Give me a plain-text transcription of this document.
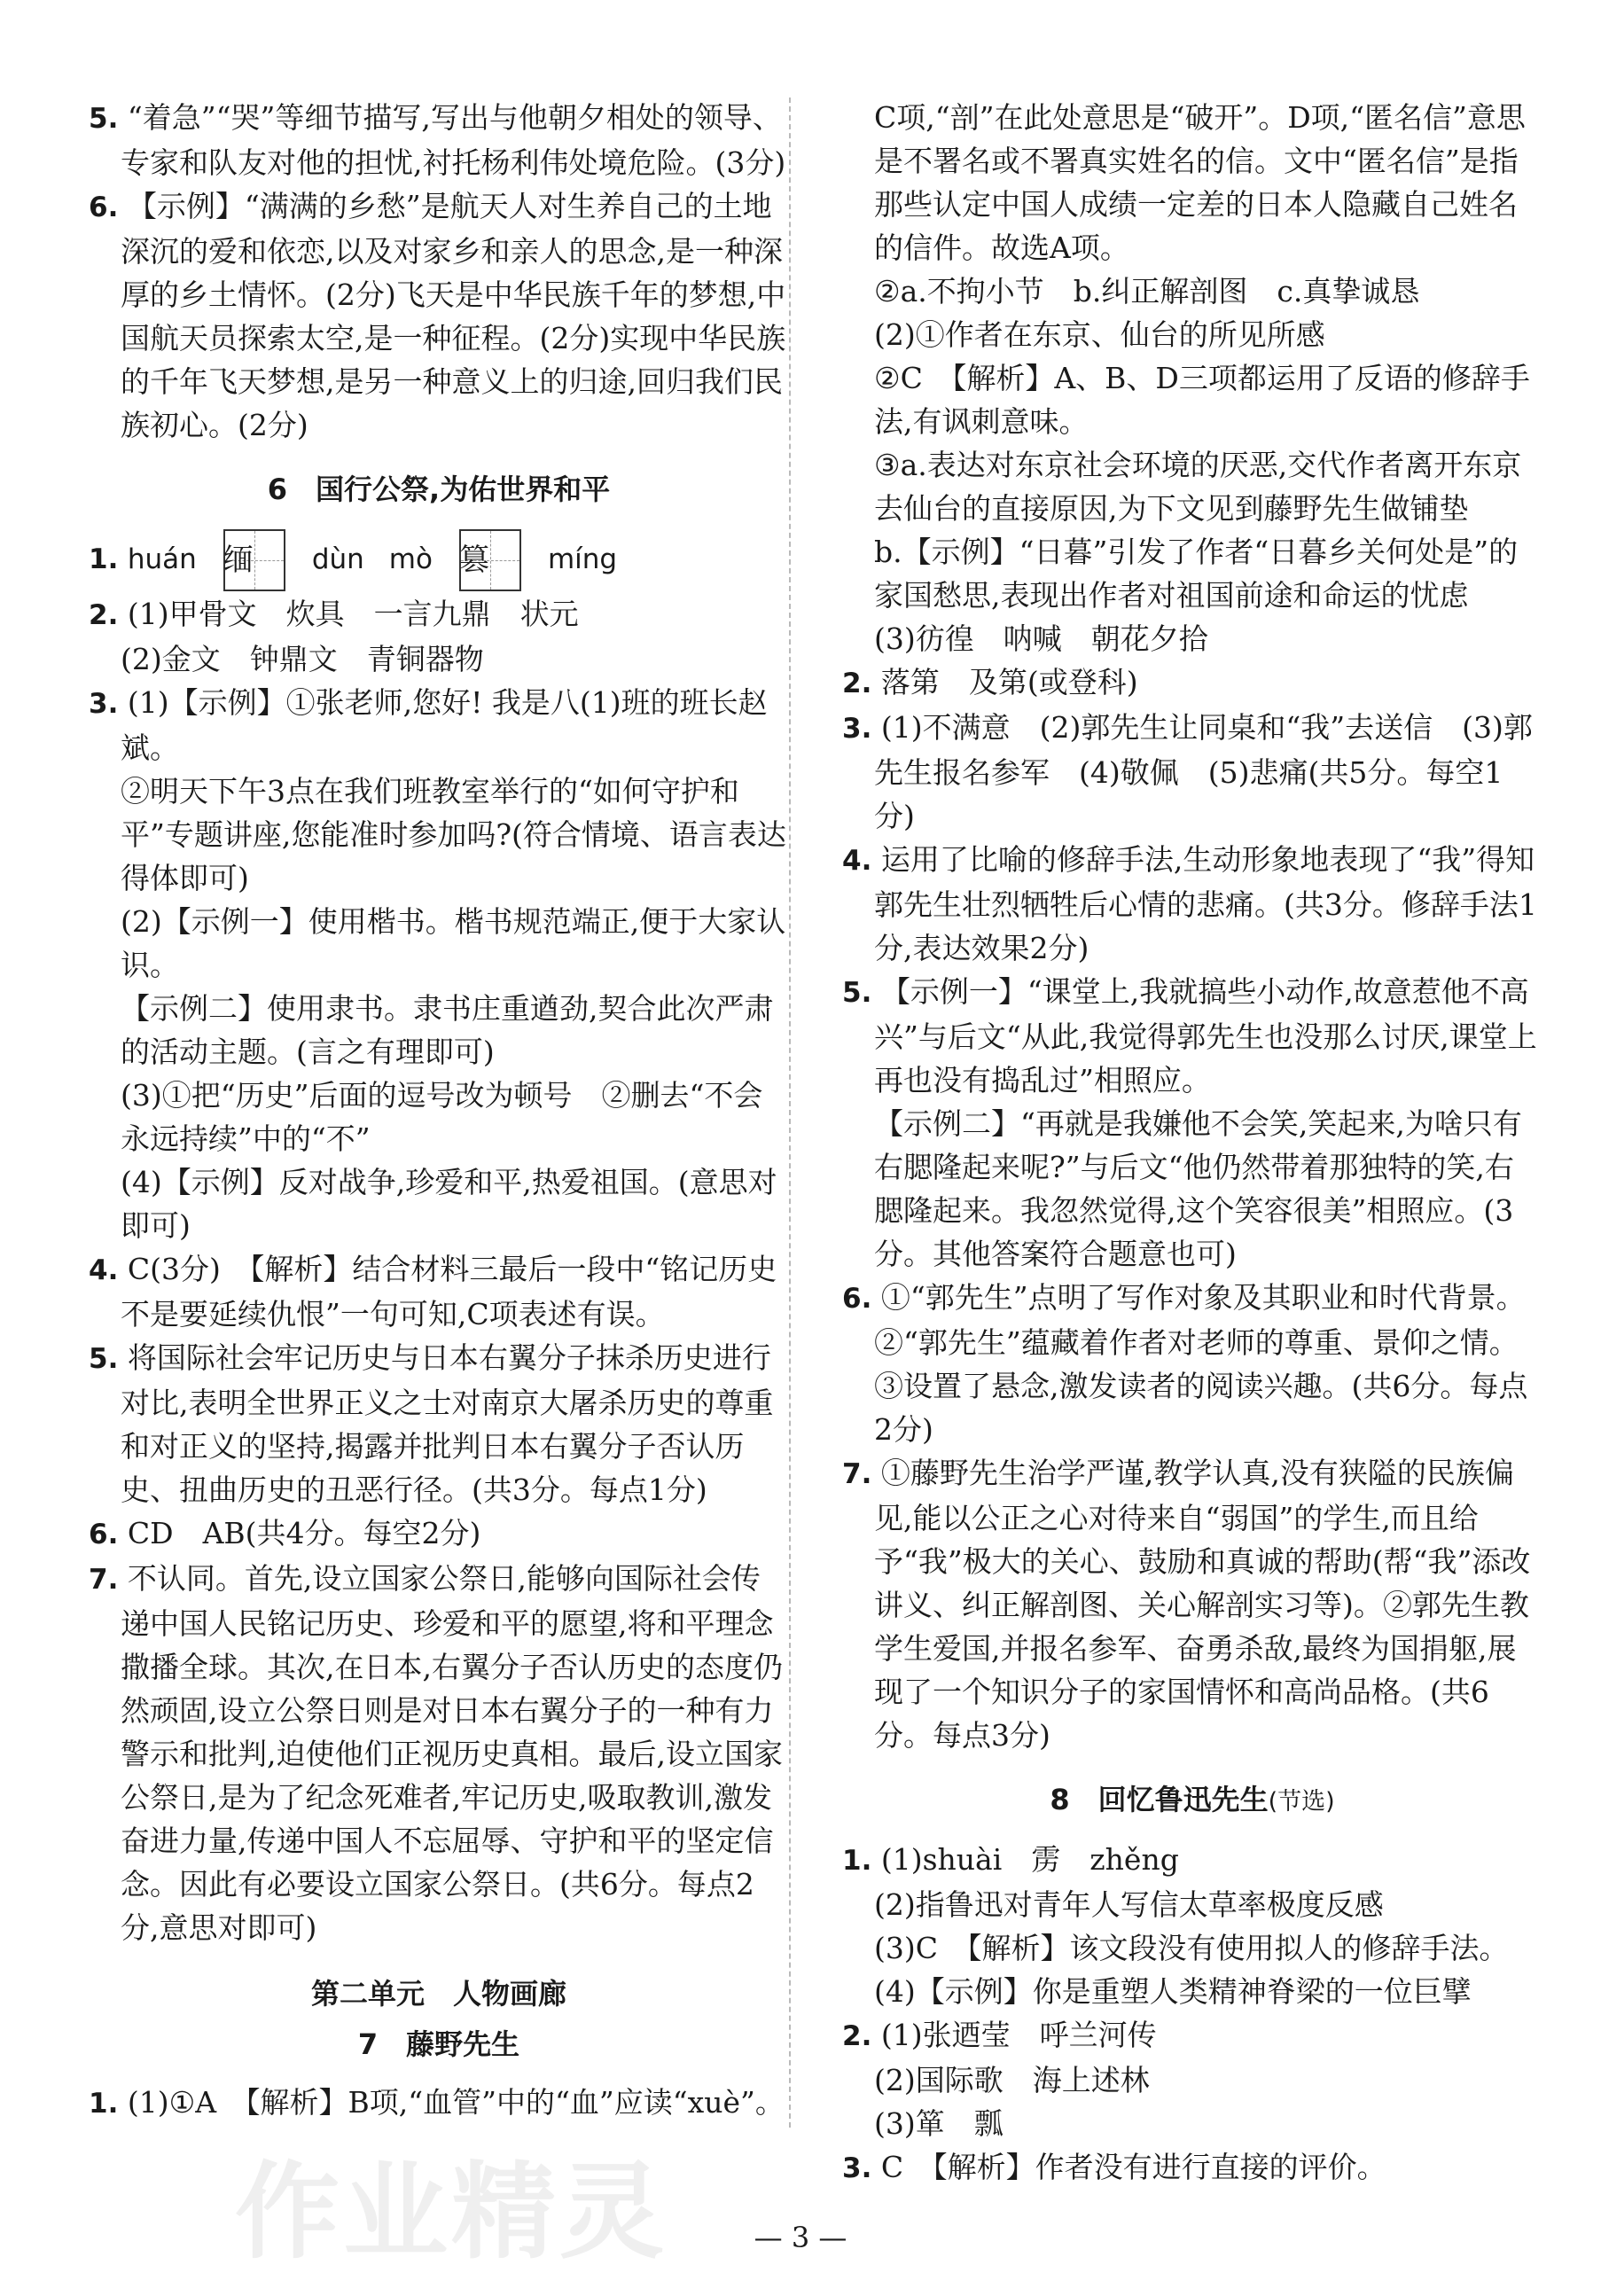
5. “着急”“哭”等细节描写,写出与他朝夕相处的领导、专家和队友对他的担忧,衬托杨利伟处境危险。(3分)
6. 【示例】“满满的乡愁”是航天人对生养自己的土地深沉的爱和依恋,以及对家乡和亲人的思念,是一种深厚的乡土情怀。(2分)飞天是中华民族千年的梦想,中国航天员探索太空,是一种征程。(2分)实现中华民族的千年飞天梦想,是另一种意义上的归途,回归我们民族初心。(2分)
6　国行公祭,为佑世界和平
1. huán 缅 dùn mò 篡 míng
2. (1)甲骨文　炊具　一言九鼎　状元
(2)金文　钟鼎文　青铜器物
3. (1)【示例】①张老师,您好! 我是八(1)班的班长赵斌。
②明天下午3点在我们班教室举行的“如何守护和平”专题讲座,您能准时参加吗?(符合情境、语言表达得体即可)
(2)【示例一】使用楷书。楷书规范端正,便于大家认识。
【示例二】使用隶书。隶书庄重遒劲,契合此次严肃的活动主题。(言之有理即可)
(3)①把“历史”后面的逗号改为顿号　②删去“不会永远持续”中的“不”
(4)【示例】反对战争,珍爱和平,热爱祖国。(意思对即可)
4. C(3分)　【解析】结合材料三最后一段中“铭记历史不是要延续仇恨”一句可知,C项表述有误。
5. 将国际社会牢记历史与日本右翼分子抹杀历史进行对比,表明全世界正义之士对南京大屠杀历史的尊重和对正义的坚持,揭露并批判日本右翼分子否认历史、扭曲历史的丑恶行径。(共3分。每点1分)
6. CD　AB(共4分。每空2分)
7. 不认同。首先,设立国家公祭日,能够向国际社会传递中国人民铭记历史、珍爱和平的愿望,将和平理念撒播全球。其次,在日本,右翼分子否认历史的态度仍然顽固,设立公祭日则是对日本右翼分子的一种有力警示和批判,迫使他们正视历史真相。最后,设立国家公祭日,是为了纪念死难者,牢记历史,吸取教训,激发奋进力量,传递中国人不忘屈辱、守护和平的坚定信念。因此有必要设立国家公祭日。(共6分。每点2分,意思对即可)
第二单元　人物画廊
7　藤野先生
1. (1)①A　【解析】B项,“血管”中的“血”应读“xuè”。
C项,“剖”在此处意思是“破开”。D项,“匿名信”意思是不署名或不署真实姓名的信。文中“匿名信”是指那些认定中国人成绩一定差的日本人隐藏自己姓名的信件。故选A项。
②a.不拘小节　b.纠正解剖图　c.真挚诚恳
(2)①作者在东京、仙台的所见所感
②C　【解析】A、B、D三项都运用了反语的修辞手法,有讽刺意味。
③a.表达对东京社会环境的厌恶,交代作者离开东京去仙台的直接原因,为下文见到藤野先生做铺垫
b.【示例】“日暮”引发了作者“日暮乡关何处是”的家国愁思,表现出作者对祖国前途和命运的忧虑
(3)彷徨　呐喊　朝花夕拾
2. 落第　及第(或登科)
3. (1)不满意　(2)郭先生让同桌和“我”去送信　(3)郭先生报名参军　(4)敬佩　(5)悲痛(共5分。每空1分)
4. 运用了比喻的修辞手法,生动形象地表现了“我”得知郭先生壮烈牺牲后心情的悲痛。(共3分。修辞手法1分,表达效果2分)
5. 【示例一】“课堂上,我就搞些小动作,故意惹他不高兴”与后文“从此,我觉得郭先生也没那么讨厌,课堂上再也没有捣乱过”相照应。
【示例二】“再就是我嫌他不会笑,笑起来,为啥只有右腮隆起来呢?”与后文“他仍然带着那独特的笑,右腮隆起来。我忽然觉得,这个笑容很美”相照应。(3分。其他答案符合题意也可)
6. ①“郭先生”点明了写作对象及其职业和时代背景。②“郭先生”蕴藏着作者对老师的尊重、景仰之情。③设置了悬念,激发读者的阅读兴趣。(共6分。每点2分)
7. ①藤野先生治学严谨,教学认真,没有狭隘的民族偏见,能以公正之心对待来自“弱国”的学生,而且给予“我”极大的关心、鼓励和真诚的帮助(帮“我”添改讲义、纠正解剖图、关心解剖实习等)。②郭先生教学生爱国,并报名参军、奋勇杀敌,最终为国捐躯,展现了一个知识分子的家国情怀和高尚品格。(共6分。每点3分)
8　回忆鲁迅先生(节选)
1. (1)shuài　雳　zhěng
(2)指鲁迅对青年人写信太草率极度反感
(3)C　【解析】该文段没有使用拟人的修辞手法。
(4)【示例】你是重塑人类精神脊梁的一位巨擘
2. (1)张迺莹　呼兰河传
(2)国际歌　海上述林
(3)箪　瓢
3. C　【解析】作者没有进行直接的评价。
作业精灵	— 3 —
